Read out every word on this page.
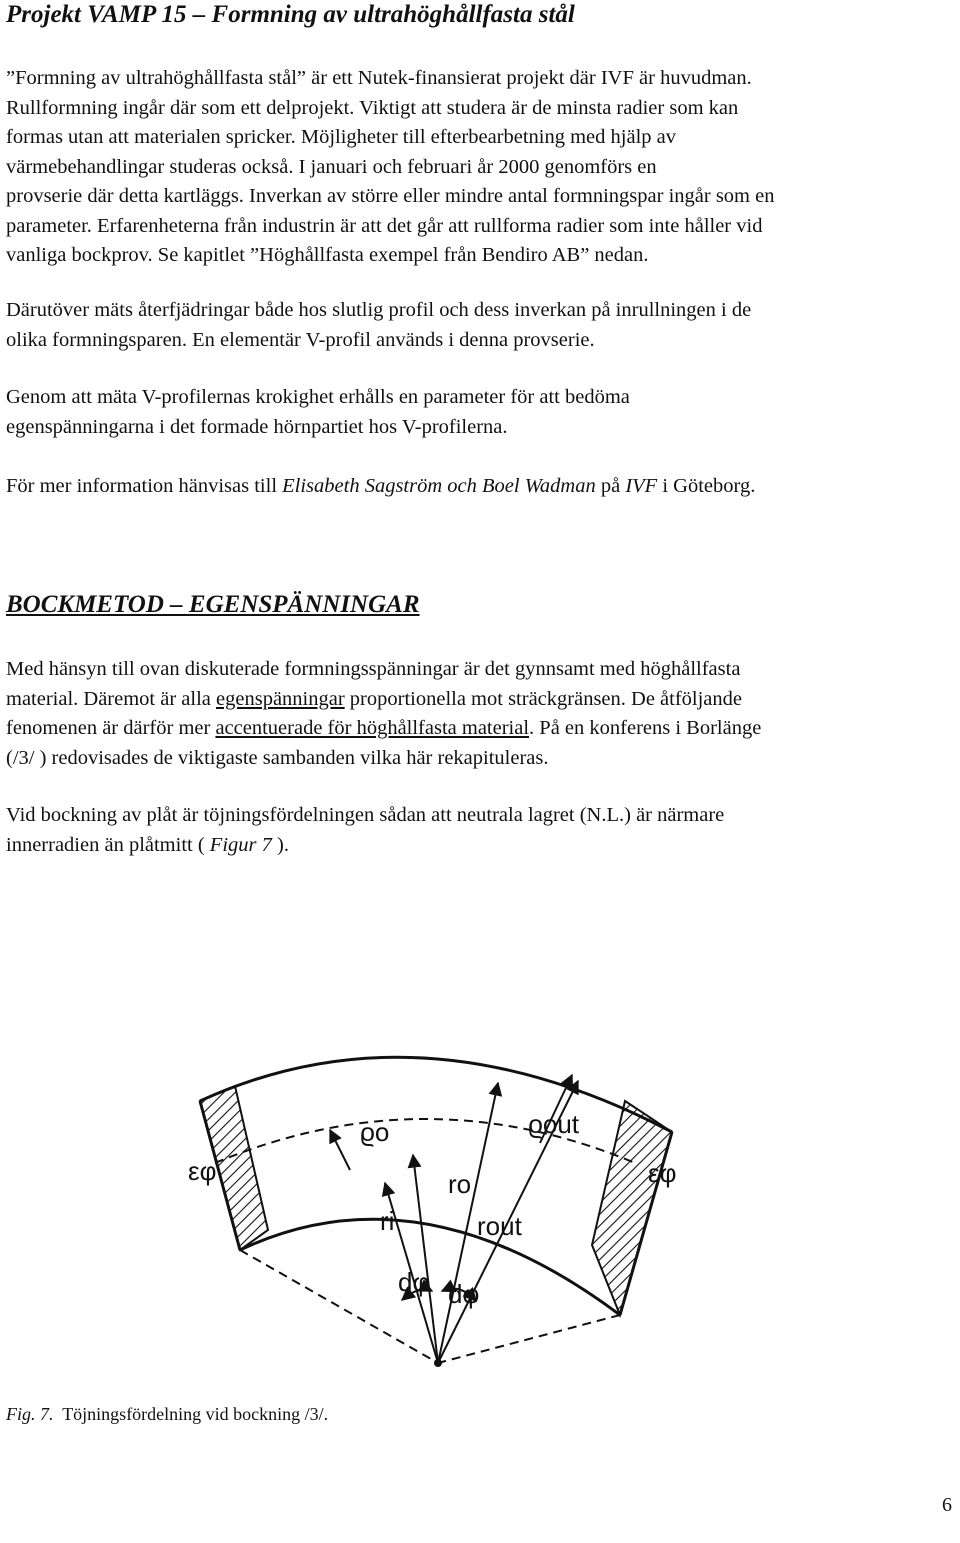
Projekt VAMP 15 – Formning av ultrahöghållfasta stål

”Formning av ultrahöghållfasta stål” är ett Nutek-finansierat projekt där IVF är huvudman.
Rullformning ingår där som ett delprojekt. Viktigt att studera är de minsta radier som kan
formas utan att materialen spricker. Möjligheter till efterbearbetning med hjälp av
värmebehandlingar studeras också. I januari och februari år 2000 genomförs en
provserie där detta kartläggs. Inverkan av större eller mindre antal formningspar ingår som en
parameter. Erfarenheterna från industrin är att det går att rullforma radier som inte håller vid
vanliga bockprov. Se kapitlet ”Höghållfasta exempel från Bendiro AB” nedan.

Därutöver mäts återfjädringar både hos slutlig profil och dess inverkan på inrullningen i de
olika formningsparen. En elementär V-profil används i denna provserie.

Genom att mäta V-profilernas krokighet erhålls en parameter för att bedöma
egenspänningarna i det formade hörnpartiet hos V-profilerna.

För mer information hänvisas till Elisabeth Sagström och Boel Wadman på IVF i Göteborg.

BOCKMETOD – EGENSPÄNNINGAR

Med hänsyn till ovan diskuterade formningsspänningar är det gynnsamt med höghållfasta
material. Däremot är alla egenspänningar proportionella mot sträckgränsen. De åtföljande
fenomenen är därför mer accentuerade för höghållfasta material. På en konferens i Borlänge
(/3/ ) redovisades de viktigaste sambanden vilka här rekapituleras.

Vid bockning av plåt är töjningsfördelningen sådan att neutrala lagret (N.L.) är närmare
innerradien än plåtmitt ( Figur 7 ).

ϱo	ϱout
εφ	εφ
ro
ri	rout
dφ dφ

Fig. 7. Töjningsfördelning vid bockning /3/.

6
